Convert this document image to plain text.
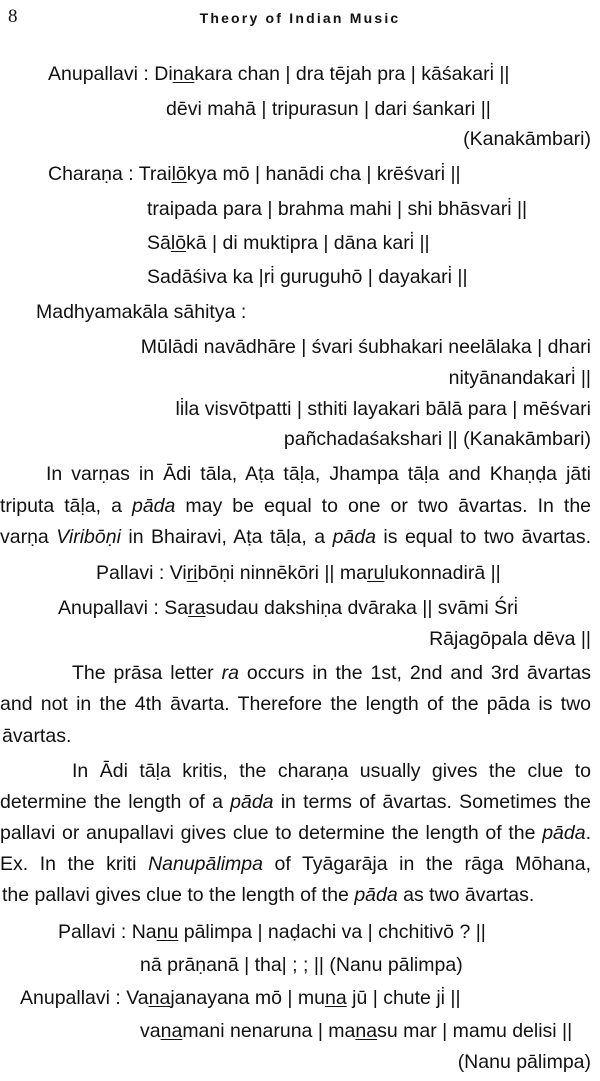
8	Theory of Indian Music
Anupallavi : Dinakara chan | dra tējah pra | kāśakari̇ ||
dēvi mahā | tripurasun | dari śankari ||
(Kanakāmbari)
Charaṇa : Trailōkya mō | hanādi cha | krēśvari̇ ||
traipada para | brahma mahi | shi bhāsvari̇ ||
Sālōkā | di muktipra | dāna kari̇ ||
Sadāśiva ka |ri̇ guruguhō | dayakari̇ ||
Madhyamakāla sāhitya :
Mūlādi navādhāre | śvari śubhakari neelālaka | dhari
nityānandakari̇ ||
li̇la visvōtpatti | sthiti layakari bālā para | mēśvari
pañchadaśakshari || (Kanakāmbari)
In varṇas in Ādi tāla, Aṭa tāḷa, Jhampa tāḷa and Khaṇḍa jāti
triputa tāḷa, a pāda may be equal to one or two āvartas. In the
varṇa Viribōṇi in Bhairavi, Aṭa tāḷa, a pāda is equal to two āvartas.
Pallavi : Viribōṇi ninnēkōri || marulukonnadirā ||
Anupallavi : Sarasudau dakshiṇa dvāraka || svāmi Śri̇
Rājagōpala dēva ||
The prāsa letter ra occurs in the 1st, 2nd and 3rd āvartas
and not in the 4th āvarta. Therefore the length of the pāda is two
āvartas.
In Ādi tāḷa kritis, the charaṇa usually gives the clue to
determine the length of a pāda in terms of āvartas. Sometimes the
pallavi or anupallavi gives clue to determine the length of the pāda.
Ex. In the kriti Nanupālimpa of Tyāgarāja in the rāga Mōhana,
the pallavi gives clue to the length of the pāda as two āvartas.
Pallavi : Nanu pālimpa | naḍachi va | chchitivō ? ||
nā prāṇanā | tha| ; ; || (Nanu pālimpa)
Anupallavi : Vanajanayana mō | muna jū | chute ji̇ ||
vanamani nenaruna | manasu mar | mamu delisi ||
(Nanu pālimpa)
